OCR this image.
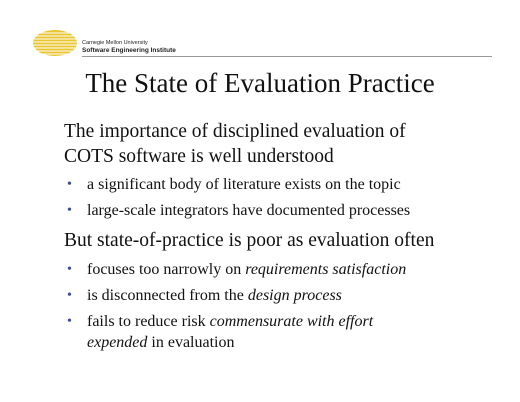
Carnegie Mellon University
Software Engineering Institute
The State of Evaluation Practice
The importance of disciplined evaluation of
COTS software is well understood
• a significant body of literature exists on the topic
• large-scale integrators have documented processes
But state-of-practice is poor as evaluation often
• focuses too narrowly on requirements satisfaction
• is disconnected from the design process
• fails to reduce risk commensurate with effort
expended in evaluation
